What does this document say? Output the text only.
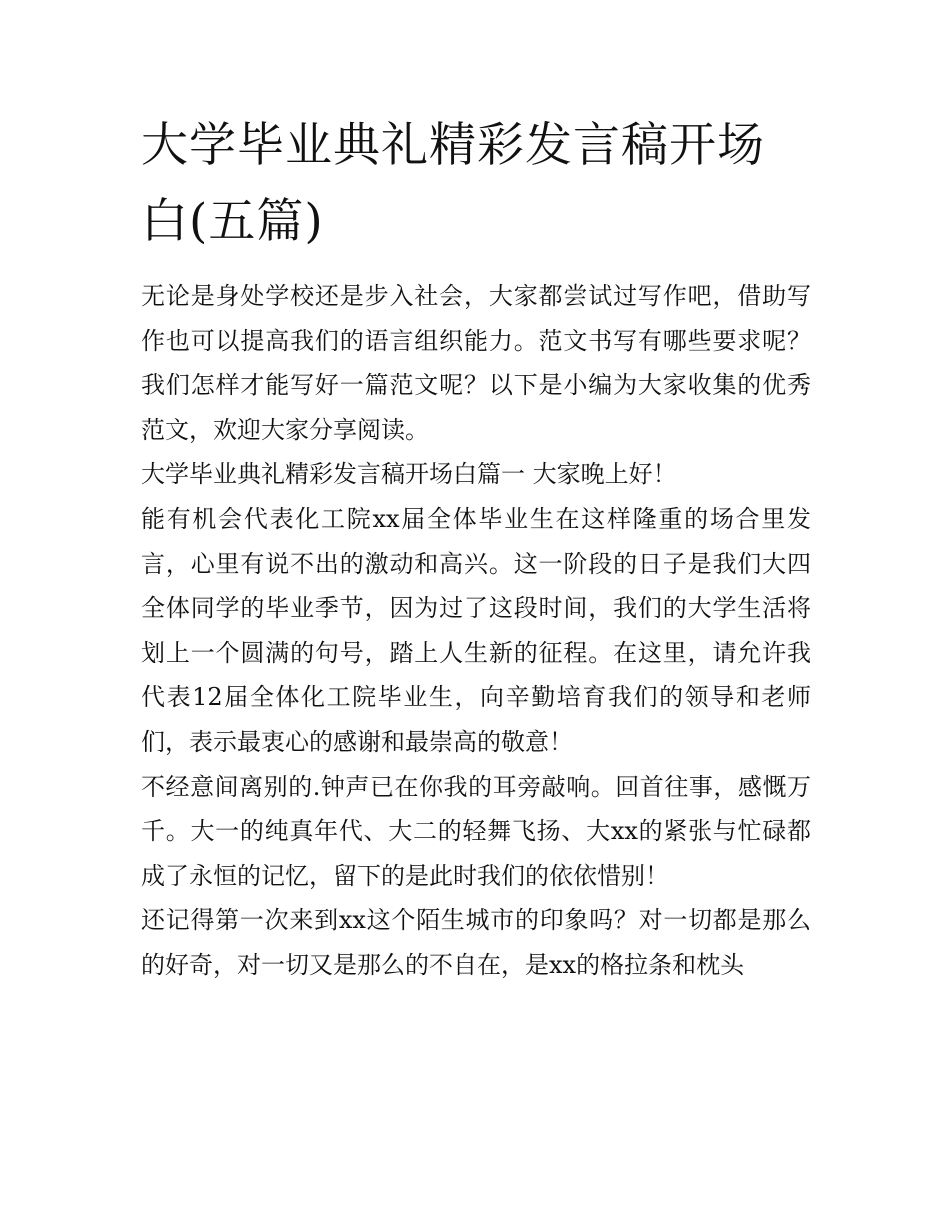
大学毕业典礼精彩发言稿开场白(五篇)

无论是身处学校还是步入社会，大家都尝试过写作吧，借助写作也可以提高我们的语言组织能力。范文书写有哪些要求呢？我们怎样才能写好一篇范文呢？以下是小编为大家收集的优秀范文，欢迎大家分享阅读。

大学毕业典礼精彩发言稿开场白篇一 大家晚上好！

能有机会代表化工院xx届全体毕业生在这样隆重的场合里发言，心里有说不出的激动和高兴。这一阶段的日子是我们大四全体同学的毕业季节，因为过了这段时间，我们的大学生活将划上一个圆满的句号，踏上人生新的征程。在这里，请允许我代表12届全体化工院毕业生，向辛勤培育我们的领导和老师们，表示最衷心的感谢和最崇高的敬意！

不经意间离别的.钟声已在你我的耳旁敲响。回首往事，感慨万千。大一的纯真年代、大二的轻舞飞扬、大xx的紧张与忙碌都成了永恒的记忆，留下的是此时我们的依依惜别！

还记得第一次来到xx这个陌生城市的印象吗？对一切都是那么的好奇，对一切又是那么的不自在，是xx的格拉条和枕头
